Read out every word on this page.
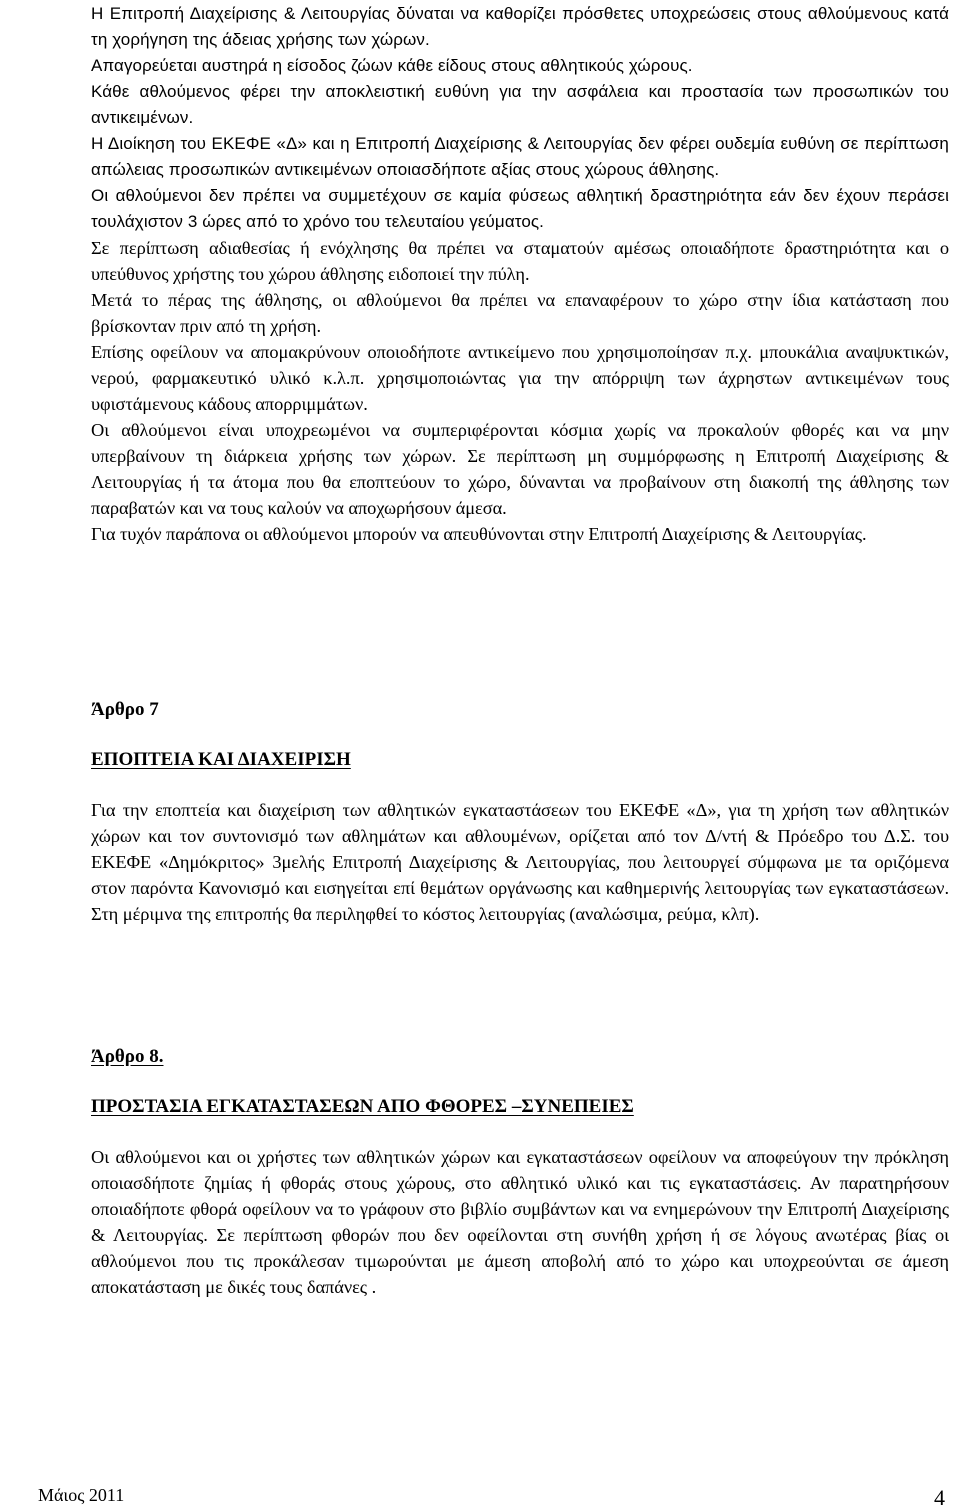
Η Επιτροπή Διαχείρισης & Λειτουργίας δύναται να καθορίζει πρόσθετες υποχρεώσεις στους αθλούμενους κατά τη χορήγηση της άδειας χρήσης των χώρων.

Απαγορεύεται αυστηρά η είσοδος ζώων κάθε είδους στους αθλητικούς χώρους.

Κάθε αθλούμενος φέρει την αποκλειστική ευθύνη για την ασφάλεια και προστασία των προσωπικών του αντικειμένων.

Η Διοίκηση του ΕΚΕΦΕ «Δ» και η Επιτροπή Διαχείρισης & Λειτουργίας δεν φέρει ουδεμία ευθύνη σε περίπτωση απώλειας προσωπικών αντικειμένων οποιασδήποτε αξίας στους χώρους άθλησης.

Οι αθλούμενοι δεν πρέπει να συμμετέχουν σε καμία φύσεως αθλητική δραστηριότητα εάν δεν έχουν περάσει τουλάχιστον 3 ώρες από το χρόνο του τελευταίου γεύματος.

Σε περίπτωση αδιαθεσίας ή ενόχλησης θα πρέπει να σταματούν αμέσως οποιαδήποτε δραστηριότητα και ο υπεύθυνος χρήστης του χώρου άθλησης ειδοποιεί την πύλη.

Μετά το πέρας της άθλησης, οι αθλούμενοι θα πρέπει να επαναφέρουν το χώρο στην ίδια κατάσταση που βρίσκονταν πριν από τη χρήση.

Επίσης οφείλουν να απομακρύνουν οποιοδήποτε αντικείμενο που χρησιμοποίησαν π.χ. μπουκάλια αναψυκτικών, νερού, φαρμακευτικό υλικό κ.λ.π. χρησιμοποιώντας για την απόρριψη των άχρηστων αντικειμένων τους υφιστάμενους κάδους απορριμμάτων.

Οι αθλούμενοι είναι υποχρεωμένοι να συμπεριφέρονται κόσμια χωρίς να προκαλούν φθορές και να μην υπερβαίνουν τη διάρκεια χρήσης των χώρων. Σε περίπτωση μη συμμόρφωσης η Επιτροπή Διαχείρισης & Λειτουργίας ή τα άτομα που θα εποπτεύουν το χώρο, δύνανται να προβαίνουν στη διακοπή της άθλησης των παραβατών και να τους καλούν να αποχωρήσουν άμεσα.

Για τυχόν παράπονα οι αθλούμενοι μπορούν να απευθύνονται στην Επιτροπή Διαχείρισης & Λειτουργίας.

Άρθρο 7

ΕΠΟΠΤΕΙΑ ΚΑΙ ΔΙΑΧΕΙΡΙΣΗ

Για την εποπτεία και διαχείριση των αθλητικών εγκαταστάσεων του ΕΚΕΦΕ «Δ», για τη χρήση των αθλητικών χώρων και τον συντονισμό των αθλημάτων και αθλουμένων, ορίζεται από τον Δ/ντή & Πρόεδρο του Δ.Σ. του ΕΚΕΦΕ «Δημόκριτος» 3μελής Επιτροπή Διαχείρισης & Λειτουργίας, που λειτουργεί σύμφωνα με τα οριζόμενα στον παρόντα Κανονισμό και εισηγείται επί θεμάτων οργάνωσης και καθημερινής λειτουργίας των εγκαταστάσεων. Στη μέριμνα της επιτροπής θα περιληφθεί το κόστος λειτουργίας (αναλώσιμα, ρεύμα, κλπ).

Άρθρο 8.

ΠΡΟΣΤΑΣΙΑ ΕΓΚΑΤΑΣΤΑΣΕΩΝ ΑΠΟ ΦΘΟΡΕΣ –ΣΥΝΕΠΕΙΕΣ

Οι αθλούμενοι και οι χρήστες των αθλητικών χώρων και εγκαταστάσεων οφείλουν να αποφεύγουν την πρόκληση οποιασδήποτε ζημίας ή φθοράς στους χώρους, στο αθλητικό υλικό και τις εγκαταστάσεις. Αν παρατηρήσουν οποιαδήποτε φθορά οφείλουν να το γράφουν στο βιβλίο συμβάντων και να ενημερώνουν την Επιτροπή Διαχείρισης & Λειτουργίας. Σε περίπτωση φθορών που δεν οφείλονται στη συνήθη χρήση ή σε λόγους ανωτέρας βίας οι αθλούμενοι που τις προκάλεσαν τιμωρούνται με άμεση αποβολή από το χώρο και υποχρεούνται σε άμεση αποκατάσταση με δικές τους δαπάνες .

Μάιος 2011	4
